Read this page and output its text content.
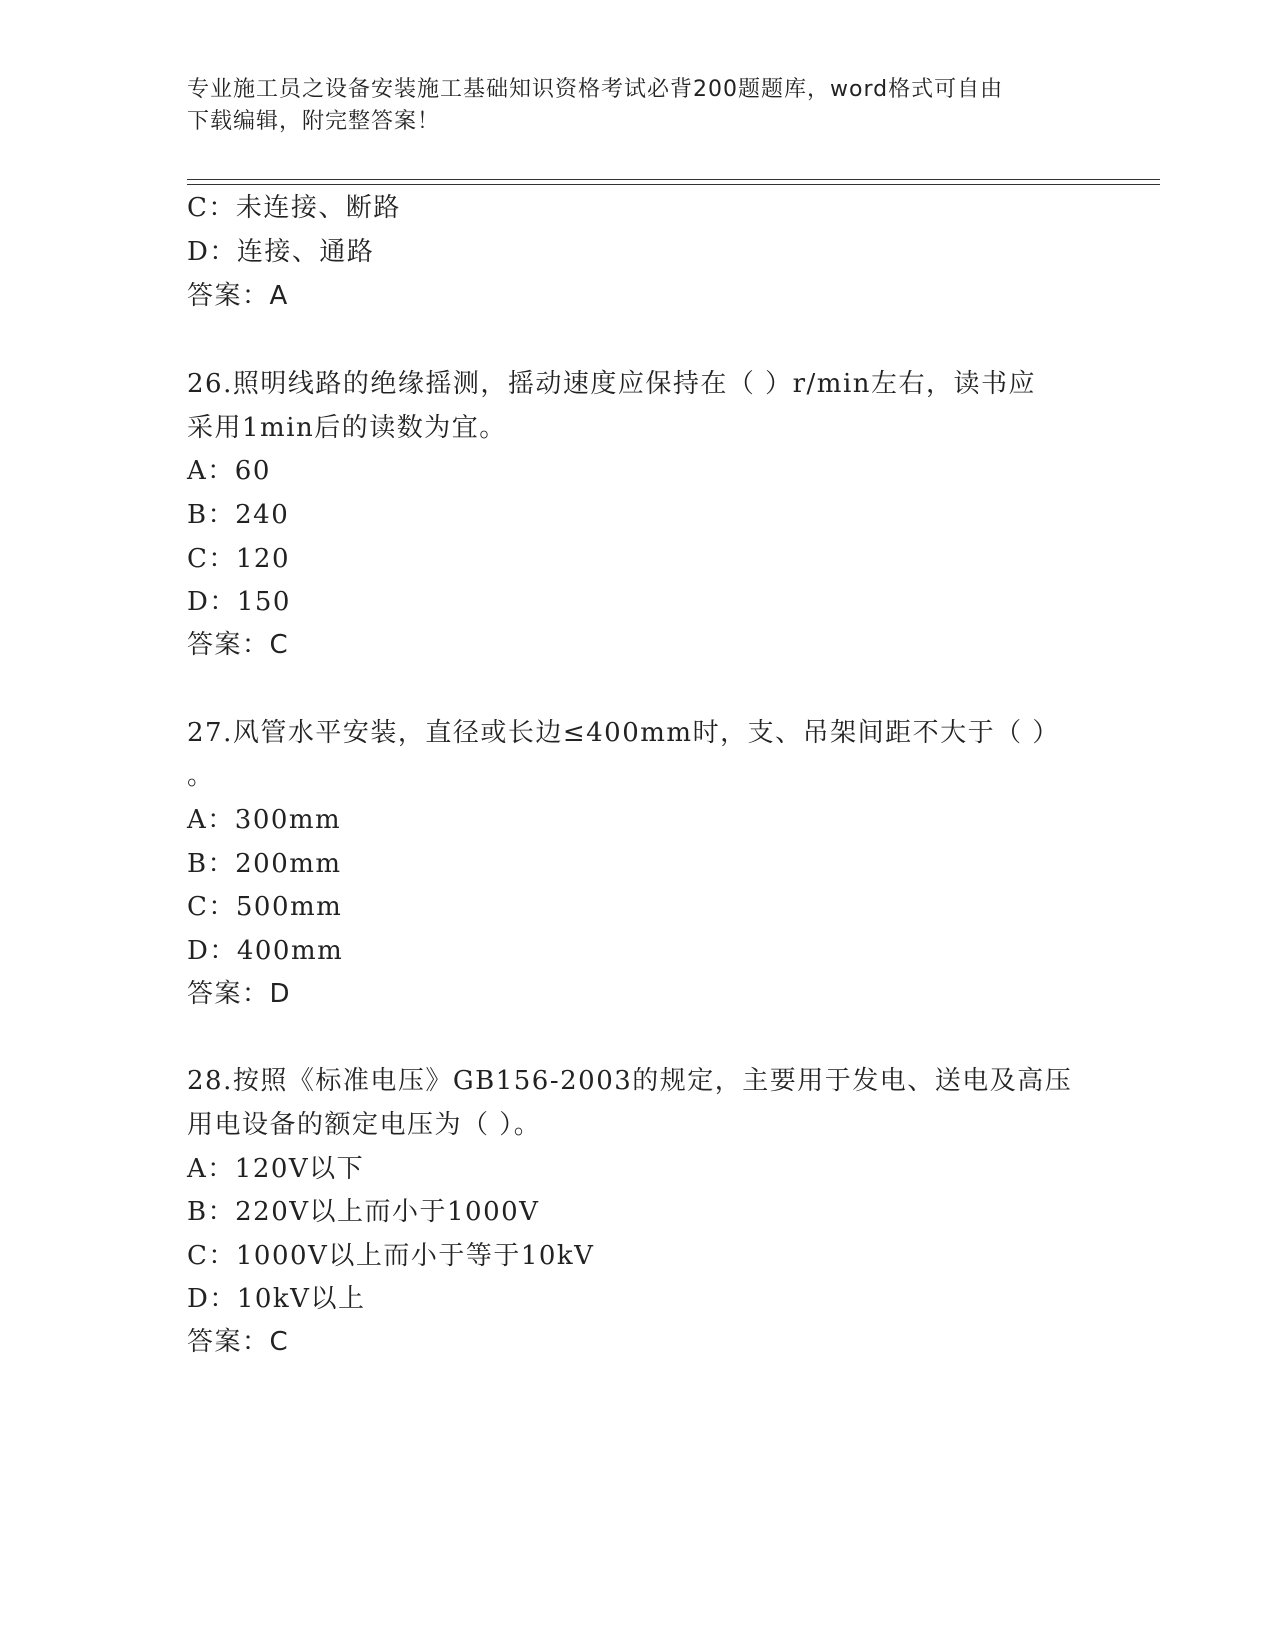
专业施工员之设备安装施工基础知识资格考试必背200题题库，word格式可自由

下载编辑，附完整答案！

C：未连接、断路
D：连接、通路
答案：A
26.照明线路的绝缘摇测，摇动速度应保持在（ ）r/min左右，读书应
采用1min后的读数为宜。
A：60
B：240
C：120
D：150
答案：C
27.风管水平安装，直径或长边≤400mm时，支、吊架间距不大于（ ）
。
A：300mm
B：200mm
C：500mm
D：400mm
答案：D
28.按照《标准电压》GB156-2003的规定，主要用于发电、送电及高压
用电设备的额定电压为（ ）。
A：120V以下
B：220V以上而小于1000V
C：1000V以上而小于等于10kV
D：10kV以上
答案：C
